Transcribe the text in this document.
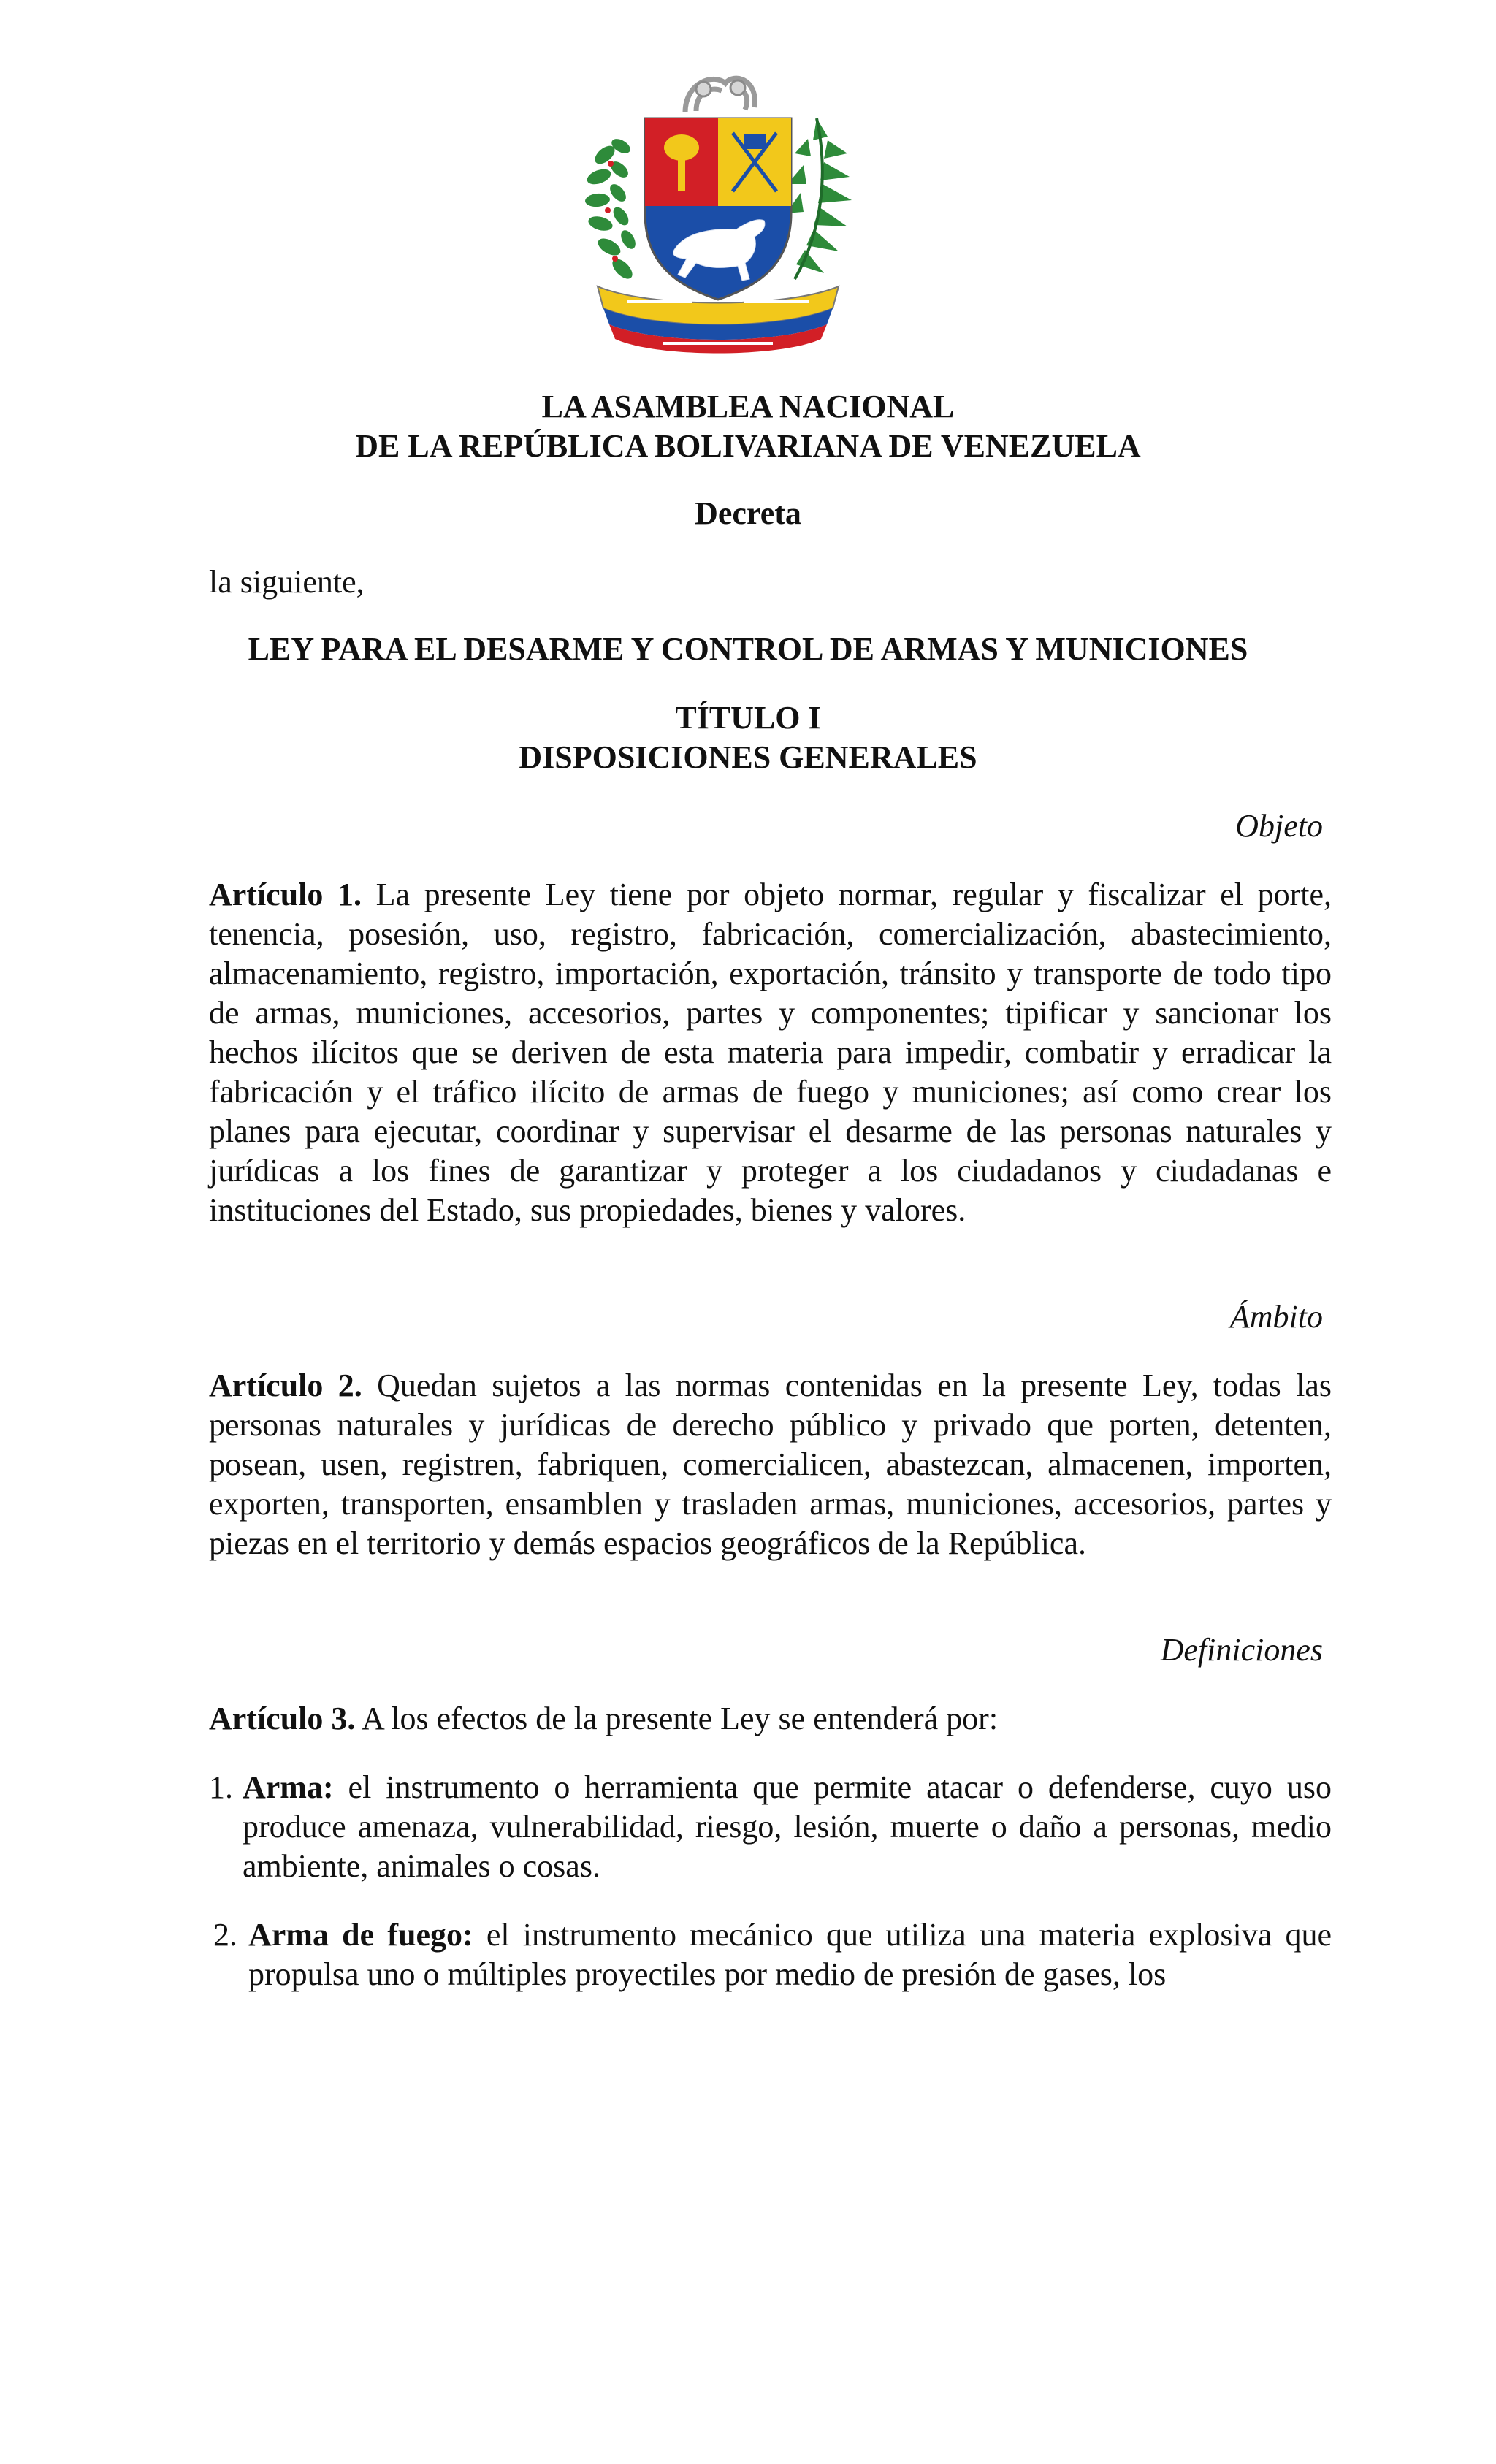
LA ASAMBLEA NACIONAL
DE LA REPÚBLICA BOLIVARIANA DE VENEZUELA
Decreta
la siguiente,
LEY PARA EL DESARME Y CONTROL DE ARMAS Y MUNICIONES
TÍTULO I
DISPOSICIONES GENERALES
Objeto
Artículo 1. La presente Ley tiene por objeto normar, regular y fiscalizar el porte, tenencia, posesión, uso, registro, fabricación, comercialización, abastecimiento, almacenamiento, registro, importación, exportación, tránsito y transporte de todo tipo de armas, municiones, accesorios, partes y componentes; tipificar y sancionar los hechos ilícitos que se deriven de esta materia para impedir, combatir y erradicar la fabricación y el tráfico ilícito de armas de fuego y municiones; así como crear los planes para ejecutar, coordinar y supervisar el desarme de las personas naturales y jurídicas a los fines de garantizar y proteger a los ciudadanos y ciudadanas e instituciones del Estado, sus propiedades, bienes y valores.
Ámbito
Artículo 2. Quedan sujetos a las normas contenidas en la presente Ley, todas las personas naturales y jurídicas de derecho público y privado que porten, detenten, posean, usen, registren, fabriquen, comercialicen, abastezcan, almacenen, importen, exporten, transporten, ensamblen y trasladen armas, municiones, accesorios, partes y piezas en el territorio y demás espacios geográficos de la República.
Definiciones
Artículo 3. A los efectos de la presente Ley se entenderá por:
1. Arma: el instrumento o herramienta que permite atacar o defenderse, cuyo uso produce amenaza, vulnerabilidad, riesgo, lesión, muerte o daño a personas, medio ambiente, animales o cosas.
2. Arma de fuego: el instrumento mecánico que utiliza una materia explosiva que propulsa uno o múltiples proyectiles por medio de presión de gases, los
